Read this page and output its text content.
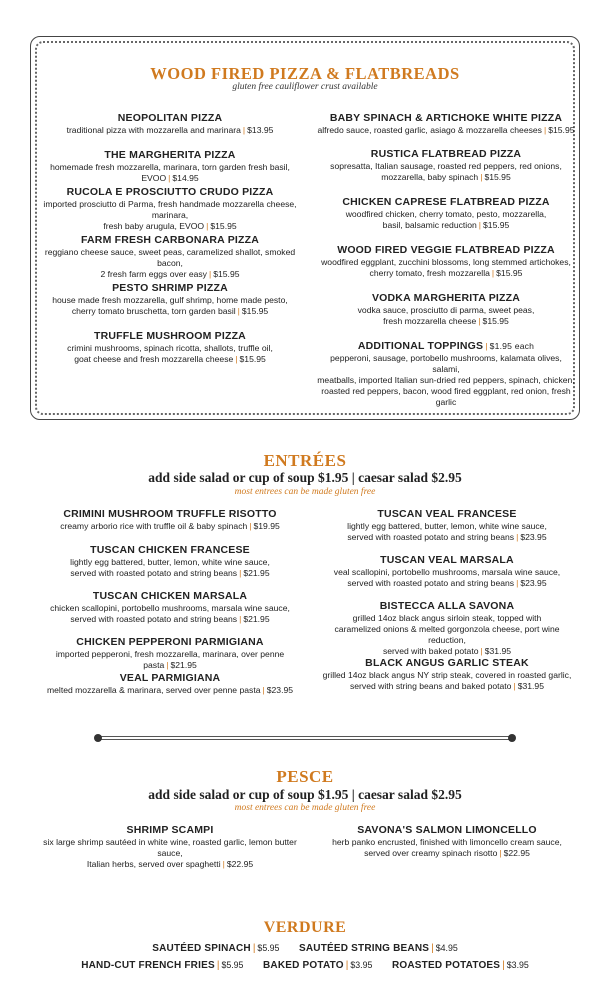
WOOD FIRED PIZZA & FLATBREADS
gluten free cauliflower crust available
NEOPOLITAN PIZZA
traditional pizza with mozzarella and marinara | $13.95
THE MARGHERITA PIZZA
homemade fresh mozzarella, marinara, torn garden fresh basil, EVOO | $14.95
RUCOLA E PROSCIUTTO CRUDO PIZZA
imported prosciutto di Parma, fresh handmade mozzarella cheese, marinara,
fresh baby arugula, EVOO | $15.95
FARM FRESH CARBONARA PIZZA
reggiano cheese sauce, sweet peas, caramelized shallot, smoked bacon,
2 fresh farm eggs over easy | $15.95
PESTO SHRIMP PIZZA
house made fresh mozzarella, gulf shrimp, home made pesto,
cherry tomato bruschetta, torn garden basil | $15.95
TRUFFLE MUSHROOM PIZZA
crimini mushrooms, spinach ricotta, shallots, truffle oil,
goat cheese and fresh mozzarella cheese | $15.95
BABY SPINACH & ARTICHOKE WHITE PIZZA
alfredo sauce, roasted garlic, asiago & mozzarella cheeses | $15.95
RUSTICA FLATBREAD PIZZA
sopresatta, Italian sausage, roasted red peppers, red onions,
mozzarella, baby spinach | $15.95
CHICKEN CAPRESE FLATBREAD PIZZA
woodfired chicken, cherry tomato, pesto, mozzarella,
basil, balsamic reduction | $15.95
WOOD FIRED VEGGIE FLATBREAD PIZZA
woodfired eggplant, zucchini blossoms, long stemmed artichokes,
cherry tomato, fresh mozzarella | $15.95
VODKA MARGHERITA PIZZA
vodka sauce, prosciutto di parma, sweet peas,
fresh mozzarella cheese | $15.95
ADDITIONAL TOPPINGS | $1.95 each
pepperoni, sausage, portobello mushrooms, kalamata olives, salami,
meatballs, imported Italian sun-dried red peppers, spinach, chicken,
roasted red peppers, bacon, wood fired eggplant, red onion, fresh garlic
ENTRÉES
add side salad or cup of soup $1.95 | caesar salad $2.95
most entrees can be made gluten free
CRIMINI MUSHROOM TRUFFLE RISOTTO
creamy arborio rice with truffle oil & baby spinach | $19.95
TUSCAN CHICKEN FRANCESE
lightly egg battered, butter, lemon, white wine sauce,
served with roasted potato and string beans | $21.95
TUSCAN CHICKEN MARSALA
chicken scallopini, portobello mushrooms, marsala wine sauce,
served with roasted potato and string beans | $21.95
CHICKEN PEPPERONI PARMIGIANA
imported pepperoni, fresh mozzarella, marinara, over penne pasta | $21.95
VEAL PARMIGIANA
melted mozzarella & marinara, served over penne pasta | $23.95
TUSCAN VEAL FRANCESE
lightly egg battered, butter, lemon, white wine sauce,
served with roasted potato and string beans | $23.95
TUSCAN VEAL MARSALA
veal scallopini, portobello mushrooms, marsala wine sauce,
served with roasted potato and string beans | $23.95
BISTECCA ALLA SAVONA
grilled 14oz black angus sirloin steak, topped with
caramelized onions & melted gorgonzola cheese, port wine reduction,
served with baked potato | $31.95
BLACK ANGUS GARLIC STEAK
grilled 14oz black angus NY strip steak, covered in roasted garlic,
served with string beans and baked potato | $31.95
PESCE
add side salad or cup of soup $1.95 | caesar salad $2.95
most entrees can be made gluten free
SHRIMP SCAMPI
six large shrimp sautéed in white wine, roasted garlic, lemon butter sauce,
Italian herbs, served over spaghetti | $22.95
SAVONA'S SALMON LIMONCELLO
herb panko encrusted, finished with limoncello cream sauce,
served over creamy spinach risotto | $22.95
VERDURE
SAUTÉED SPINACH | $5.95 SAUTÉED STRING BEANS | $4.95
HAND-CUT FRENCH FRIES | $5.95 BAKED POTATO | $3.95 ROASTED POTATOES | $3.95
